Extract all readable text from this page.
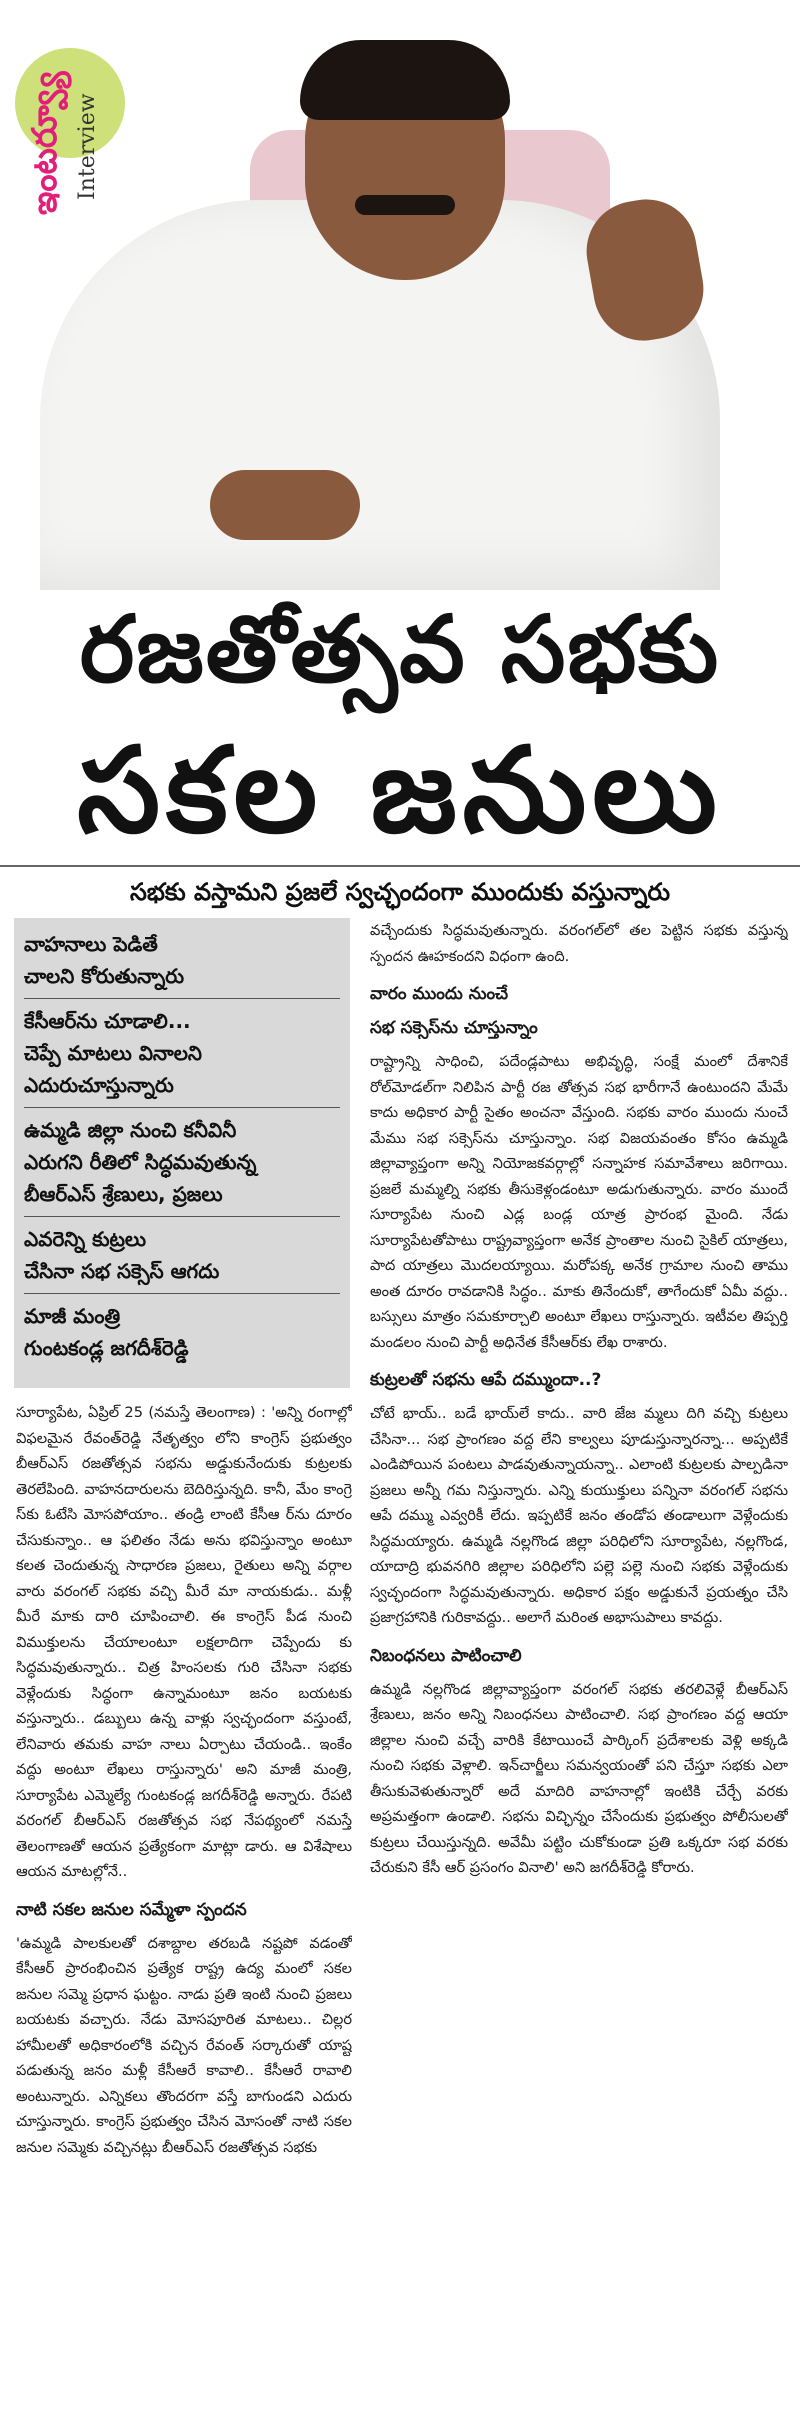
ఇంటర్వ్యూ Interview
రజతోత్సవ సభకు
సకల జనులు
సభకు వస్తామని ప్రజలే స్వచ్ఛందంగా ముందుకు వస్తున్నారు
వాహనాలు పెడితే
చాలని కోరుతున్నారు
కేసీఆర్‌ను చూడాలి...
చెప్పే మాటలు వినాలని
ఎదురుచూస్తున్నారు
ఉమ్మడి జిల్లా నుంచి కనీవినీ
ఎరుగని రీతిలో సిద్ధమవుతున్న
బీఆర్‌ఎస్ శ్రేణులు, ప్రజలు
ఎవరెన్ని కుట్రలు
చేసినా సభ సక్సెస్ ఆగదు
మాజీ మంత్రి
గుంటకండ్ల జగదీశ్‌రెడ్డి

సూర్యాపేట, ఏప్రిల్ 25 (నమస్తే తెలంగాణ) : 'అన్ని రంగాల్లో విఫలమైన రేవంత్‌రెడ్డి నేతృత్వం లోని కాంగ్రెస్ ప్రభుత్వం బీఆర్‌ఎస్ రజతోత్సవ సభను అడ్డుకునేందుకు కుట్రలకు తెరలేపింది. వాహనదారులను బెదిరిస్తున్నది. కానీ, మేం కాంగ్రె స్‌కు ఓటేసి మోసపోయాం.. తండ్రి లాంటి కేసీఆ ర్‌ను దూరం చేసుకున్నాం.. ఆ ఫలితం నేడు అను భవిస్తున్నాం అంటూ కలత చెందుతున్న సాధారణ ప్రజలు, రైతులు అన్ని వర్గాల వారు వరంగల్ సభకు వచ్చి మీరే మా నాయకుడు.. మళ్లీ మీరే మాకు దారి చూపించాలి. ఈ కాంగ్రెస్ పీడ నుంచి విముక్తులను చేయాలంటూ లక్షలాదిగా చెప్పేందు కు సిద్ధమవుతున్నారు.. చిత్ర హింసలకు గురి చేసినా సభకు వెళ్లేందుకు సిద్ధంగా ఉన్నామంటూ జనం బయటకు వస్తున్నారు.. డబ్బులు ఉన్న వాళ్లు స్వచ్ఛందంగా వస్తుంటే, లేనివారు తమకు వాహ నాలు ఏర్పాటు చేయండి.. ఇంకేం వద్దు అంటూ లేఖలు రాస్తున్నారు' అని మాజీ మంత్రి, సూర్యాపేట ఎమ్మెల్యే గుంటకండ్ల జగదీశ్‌రెడ్డి అన్నారు. రేపటి వరంగల్ బీఆర్‌ఎస్ రజతోత్సవ సభ నేపథ్యంలో నమస్తే తెలంగాణతో ఆయన ప్రత్యేకంగా మాట్లా డారు. ఆ విశేషాలు ఆయన మాటల్లోనే..

నాటి సకల జనుల సమ్మేళా స్పందన

'ఉమ్మడి పాలకులతో దశాబ్దాల తరబడి నష్టపో వడంతో కేసీఆర్ ప్రారంభించిన ప్రత్యేక రాష్ట్ర ఉద్య మంలో సకల జనుల సమ్మె ప్రధాన ఘట్టం. నాడు ప్రతి ఇంటి నుంచి ప్రజలు బయటకు వచ్చారు. నేడు మోసపూరిత మాటలు.. చిల్లర హామీలతో అధికారంలోకి వచ్చిన రేవంత్ సర్కారుతో యాష్ట పడుతున్న జనం మళ్లీ కేసీఆరే కావాలి.. కేసీఆరే రావాలి అంటున్నారు. ఎన్నికలు తొందరగా వస్తే బాగుండని ఎదురు చూస్తున్నారు. కాంగ్రెస్ ప్రభుత్వం చేసిన మోసంతో నాటి సకల జనుల సమ్మెకు వచ్చినట్లు బీఆర్‌ఎస్ రజతోత్సవ సభకు

వచ్చేందుకు సిద్ధమవుతున్నారు. వరంగల్‌లో తల పెట్టిన సభకు వస్తున్న స్పందన ఊహకందని విధంగా ఉంది.

వారం ముందు నుంచే
సభ సక్సెస్‌ను చూస్తున్నాం

రాష్ట్రాన్ని సాధించి, పదేండ్లపాటు అభివృద్ధి, సంక్షే మంలో దేశానికే రోల్‌మోడల్‌గా నిలిపిన పార్టీ రజ తోత్సవ సభ భారీగానే ఉంటుందని మేమే కాదు అధికార పార్టీ సైతం అంచనా వేస్తుంది. సభకు వారం ముందు నుంచే మేము సభ సక్సెస్‌ను చూస్తున్నాం. సభ విజయవంతం కోసం ఉమ్మడి జిల్లావ్యాప్తంగా అన్ని నియోజకవర్గాల్లో సన్నాహక సమావేశాలు జరిగాయి. ప్రజలే మమ్మల్ని సభకు తీసుకెళ్లండంటూ అడుగుతున్నారు. వారం ముందే సూర్యాపేట నుంచి ఎడ్ల బండ్ల యాత్ర ప్రారంభ మైంది. నేడు సూర్యాపేటతోపాటు రాష్ట్రవ్యాప్తంగా అనేక ప్రాంతాల నుంచి సైకిల్ యాత్రలు, పాద యాత్రలు మొదలయ్యాయి. మరోపక్క అనేక గ్రామాల నుంచి తాము అంత దూరం రావడానికి సిద్ధం.. మాకు తినేందుకో, తాగేందుకో ఏమీ వద్దు.. బస్సులు మాత్రం సమకూర్చాలి అంటూ లేఖలు రాస్తున్నారు. ఇటీవల తిప్పర్తి మండలం నుంచి పార్టీ అధినేత కేసీఆర్‌కు లేఖ రాశారు.

కుట్రలతో సభను ఆపే దమ్ముందా..?

చోటే భాయ్.. బడే భాయ్‌లే కాదు.. వారి జేజ మ్మలు దిగి వచ్చి కుట్రలు చేసినా... సభ ప్రాంగణం వద్ద లేని కాల్వలు పూడుస్తున్నారన్నా... అప్పటికే ఎండిపోయిన పంటలు పాడవుతున్నాయన్నా.. ఎలాంటి కుట్రలకు పాల్పడినా ప్రజలు అన్నీ గమ నిస్తున్నారు. ఎన్ని కుయుక్తులు పన్నినా వరంగల్ సభను ఆపే దమ్ము ఎవ్వరికీ లేదు. ఇప్పటికే జనం తండోప తండాలుగా వెళ్లేందుకు సిద్ధమయ్యారు. ఉమ్మడి నల్లగొండ జిల్లా పరిధిలోని సూర్యాపేట, నల్లగొండ, యాదాద్రి భువనగిరి జిల్లాల పరిధిలోని పల్లె పల్లె నుంచి సభకు వెళ్లేందుకు స్వచ్ఛందంగా సిద్ధమవుతున్నారు. అధికార పక్షం అడ్డుకునే ప్రయత్నం చేసి ప్రజాగ్రహానికి గురికావద్దు.. అలాగే మరింత అభాసుపాలు కావద్దు.

నిబంధనలు పాటించాలి

ఉమ్మడి నల్లగొండ జిల్లావ్యాప్తంగా వరంగల్ సభకు తరలివెళ్లే బీఆర్‌ఎస్ శ్రేణులు, జనం అన్ని నిబంధనలు పాటించాలి. సభ ప్రాంగణం వద్ద ఆయా జిల్లాల నుంచి వచ్చే వారికి కేటాయించే పార్కింగ్ ప్రదేశాలకు వెళ్లి అక్కడి నుంచి సభకు వెళ్లాలి. ఇన్‌చార్జీలు సమన్వయంతో పని చేస్తూ సభకు ఎలా తీసుకువెళుతున్నారో అదే మాదిరి వాహనాల్లో ఇంటికి చేర్చే వరకు అప్రమత్తంగా ఉండాలి. సభను విచ్ఛిన్నం చేసేందుకు ప్రభుత్వం పోలీసులతో కుట్రలు చేయిస్తున్నది. అవేమీ పట్టిం చుకోకుండా ప్రతి ఒక్కరూ సభ వరకు చేరుకుని కేసీ ఆర్ ప్రసంగం వినాలి' అని జగదీశ్‌రెడ్డి కోరారు.
